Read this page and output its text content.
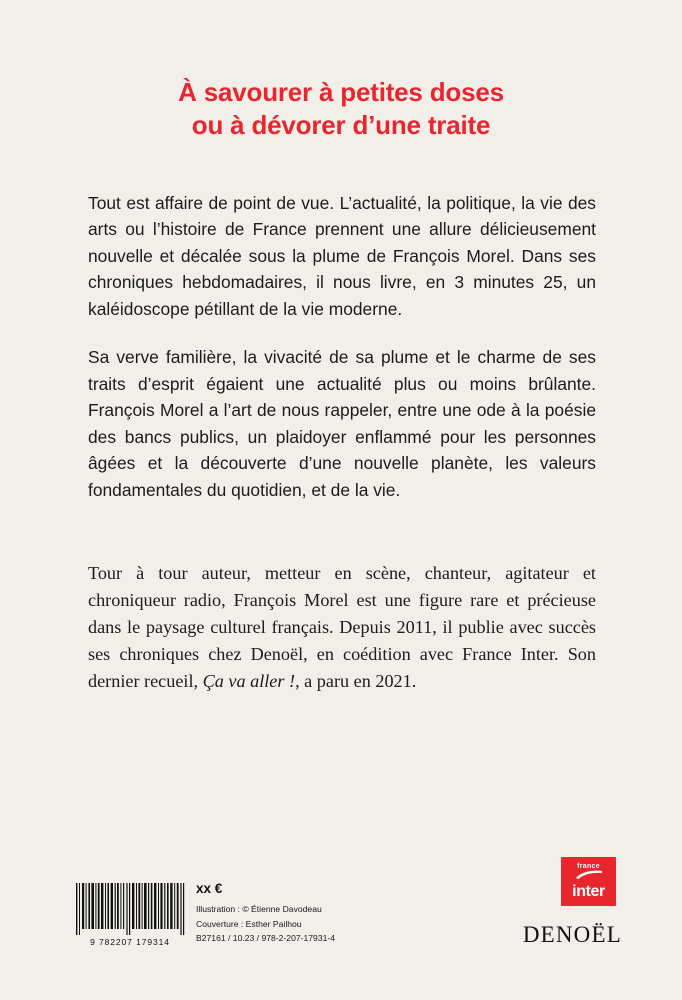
À savourer à petites doses
ou à dévorer d’une traite

Tout est affaire de point de vue. L’actualité, la politique, la vie des arts ou l’histoire de France prennent une allure délicieusement nouvelle et décalée sous la plume de François Morel. Dans ses chroniques hebdomadaires, il nous livre, en 3 minutes 25, un kaléidoscope pétillant de la vie moderne.

Sa verve familière, la vivacité de sa plume et le charme de ses traits d’esprit égaient une actualité plus ou moins brûlante. François Morel a l’art de nous rappeler, entre une ode à la poésie des bancs publics, un plaidoyer enflammé pour les personnes âgées et la découverte d’une nouvelle planète, les valeurs fondamentales du quotidien, et de la vie.

Tour à tour auteur, metteur en scène, chanteur, agitateur et chroniqueur radio, François Morel est une figure rare et précieuse dans le paysage culturel français. Depuis 2011, il publie avec succès ses chroniques chez Denoël, en coédition avec France Inter. Son dernier recueil, Ça va aller !, a paru en 2021.
9 782207 179314
xx €
Illustration : © Étienne Davodeau
Couverture : Esther Pailhou
B27161 / 10.23 / 978-2-207-17931-4
france
inter
DENOËL
